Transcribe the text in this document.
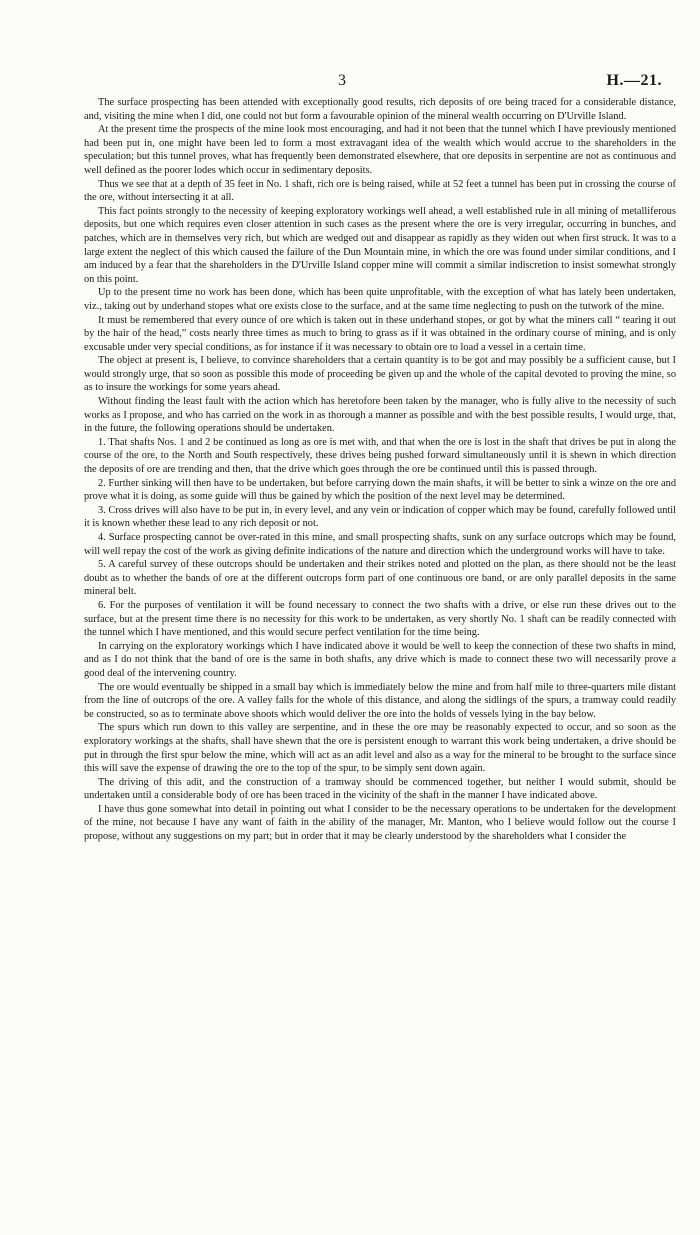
3	H.—21.

The surface prospecting has been attended with exceptionally good results, rich deposits of ore being traced for a considerable distance, and, visiting the mine when I did, one could not but form a favourable opinion of the mineral wealth occurring on D'Urville Island.

At the present time the prospects of the mine look most encouraging, and had it not been that the tunnel which I have previously mentioned had been put in, one might have been led to form a most extravagant idea of the wealth which would accrue to the shareholders in the speculation; but this tunnel proves, what has frequently been demonstrated elsewhere, that ore deposits in serpentine are not as continuous and well defined as the poorer lodes which occur in sedimentary deposits.

Thus we see that at a depth of 35 feet in No. 1 shaft, rich ore is being raised, while at 52 feet a tunnel has been put in crossing the course of the ore, without intersecting it at all.

This fact points strongly to the necessity of keeping exploratory workings well ahead, a well established rule in all mining of metalliferous deposits, but one which requires even closer attention in such cases as the present where the ore is very irregular, occurring in bunches, and patches, which are in themselves very rich, but which are wedged out and disappear as rapidly as they widen out when first struck. It was to a large extent the neglect of this which caused the failure of the Dun Mountain mine, in which the ore was found under similar conditions, and I am induced by a fear that the shareholders in the D'Urville Island copper mine will commit a similar indiscretion to insist somewhat strongly on this point.

Up to the present time no work has been done, which has been quite unprofitable, with the exception of what has lately been undertaken, viz., taking out by underhand stopes what ore exists close to the surface, and at the same time neglecting to push on the tutwork of the mine.

It must be remembered that every ounce of ore which is taken out in these underhand stopes, or got by what the miners call “ tearing it out by the hair of the head,” costs nearly three times as much to bring to grass as if it was obtained in the ordinary course of mining, and is only excusable under very special conditions, as for instance if it was necessary to obtain ore to load a vessel in a certain time.

The object at present is, I believe, to convince shareholders that a certain quantity is to be got and may possibly be a sufficient cause, but I would strongly urge, that so soon as possible this mode of proceeding be given up and the whole of the capital devoted to proving the mine, so as to insure the workings for some years ahead.

Without finding the least fault with the action which has heretofore been taken by the manager, who is fully alive to the necessity of such works as I propose, and who has carried on the work in as thorough a manner as possible and with the best possible results, I would urge, that, in the future, the following operations should be undertaken.

1. That shafts Nos. 1 and 2 be continued as long as ore is met with, and that when the ore is lost in the shaft that drives be put in along the course of the ore, to the North and South respectively, these drives being pushed forward simultaneously until it is shewn in which direction the deposits of ore are trending and then, that the drive which goes through the ore be continued until this is passed through.

2. Further sinking will then have to be undertaken, but before carrying down the main shafts, it will be better to sink a winze on the ore and prove what it is doing, as some guide will thus be gained by which the position of the next level may be determined.

3. Cross drives will also have to be put in, in every level, and any vein or indication of copper which may be found, carefully followed until it is known whether these lead to any rich deposit or not.

4. Surface prospecting cannot be over-rated in this mine, and small prospecting shafts, sunk on any surface outcrops which may be found, will well repay the cost of the work as giving definite indications of the nature and direction which the underground works will have to take.

5. A careful survey of these outcrops should be undertaken and their strikes noted and plotted on the plan, as there should not be the least doubt as to whether the bands of ore at the different outcrops form part of one continuous ore band, or are only parallel deposits in the same mineral belt.

6. For the purposes of ventilation it will be found necessary to connect the two shafts with a drive, or else run these drives out to the surface, but at the present time there is no necessity for this work to be undertaken, as very shortly No. 1 shaft can be readily connected with the tunnel which I have mentioned, and this would secure perfect ventilation for the time being.

In carrying on the exploratory workings which I have indicated above it would be well to keep the connection of these two shafts in mind, and as I do not think that the band of ore is the same in both shafts, any drive which is made to connect these two will necessarily prove a good deal of the intervening country.

The ore would eventually be shipped in a small bay which is immediately below the mine and from half mile to three-quarters mile distant from the line of outcrops of the ore. A valley falls for the whole of this distance, and along the sidlings of the spurs, a tramway could readily be constructed, so as to terminate above shoots which would deliver the ore into the holds of vessels lying in the bay below.

The spurs which run down to this valley are serpentine, and in these the ore may be reasonably expected to occur, and so soon as the exploratory workings at the shafts, shall have shewn that the ore is persistent enough to warrant this work being undertaken, a drive should be put in through the first spur below the mine, which will act as an adit level and also as a way for the mineral to be brought to the surface since this will save the expense of drawing the ore to the top of the spur, to be simply sent down again.

The driving of this adit, and the construction of a tramway should be commenced together, but neither I would submit, should be undertaken until a considerable body of ore has been traced in the vicinity of the shaft in the manner I have indicated above.

I have thus gone somewhat into detail in pointing out what I consider to be the necessary operations to be undertaken for the development of the mine, not because I have any want of faith in the ability of the manager, Mr. Manton, who I believe would follow out the course I propose, without any suggestions on my part; but in order that it may be clearly understood by the shareholders what I consider the
